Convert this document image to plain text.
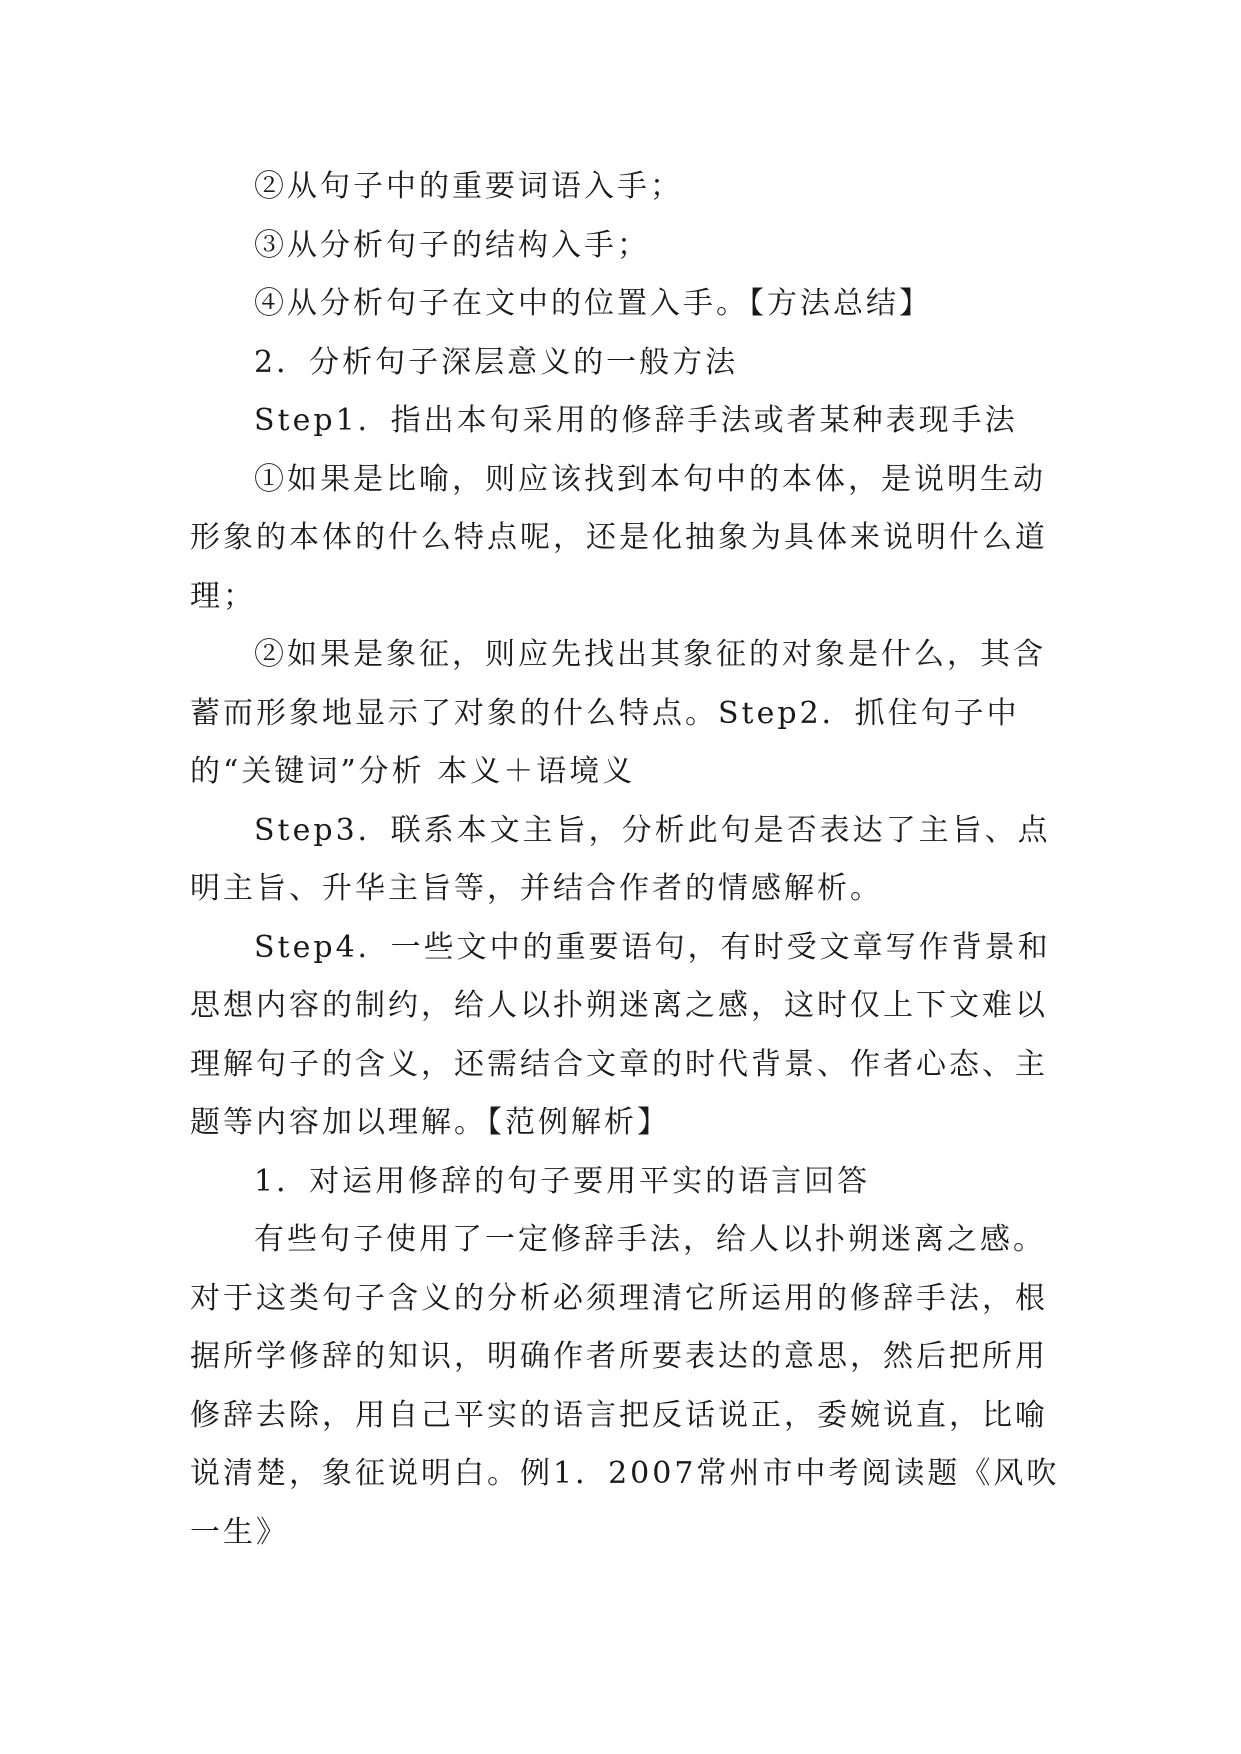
②从句子中的重要词语入手；

③从分析句子的结构入手；

④从分析句子在文中的位置入手。【方法总结】

2．分析句子深层意义的一般方法

Step1．指出本句采用的修辞手法或者某种表现手法

①如果是比喻，则应该找到本句中的本体，是说明生动形象的本体的什么特点呢，还是化抽象为具体来说明什么道理；

②如果是象征，则应先找出其象征的对象是什么，其含蓄而形象地显示了对象的什么特点。Step2．抓住句子中的“关键词”分析 本义＋语境义

Step3．联系本文主旨，分析此句是否表达了主旨、点明主旨、升华主旨等，并结合作者的情感解析。

Step4．一些文中的重要语句，有时受文章写作背景和思想内容的制约，给人以扑朔迷离之感，这时仅上下文难以理解句子的含义，还需结合文章的时代背景、作者心态、主题等内容加以理解。【范例解析】

1．对运用修辞的句子要用平实的语言回答

有些句子使用了一定修辞手法，给人以扑朔迷离之感。对于这类句子含义的分析必须理清它所运用的修辞手法，根据所学修辞的知识，明确作者所要表达的意思，然后把所用修辞去除，用自己平实的语言把反话说正，委婉说直，比喻说清楚，象征说明白。例1．2007常州市中考阅读题《风吹一生》
